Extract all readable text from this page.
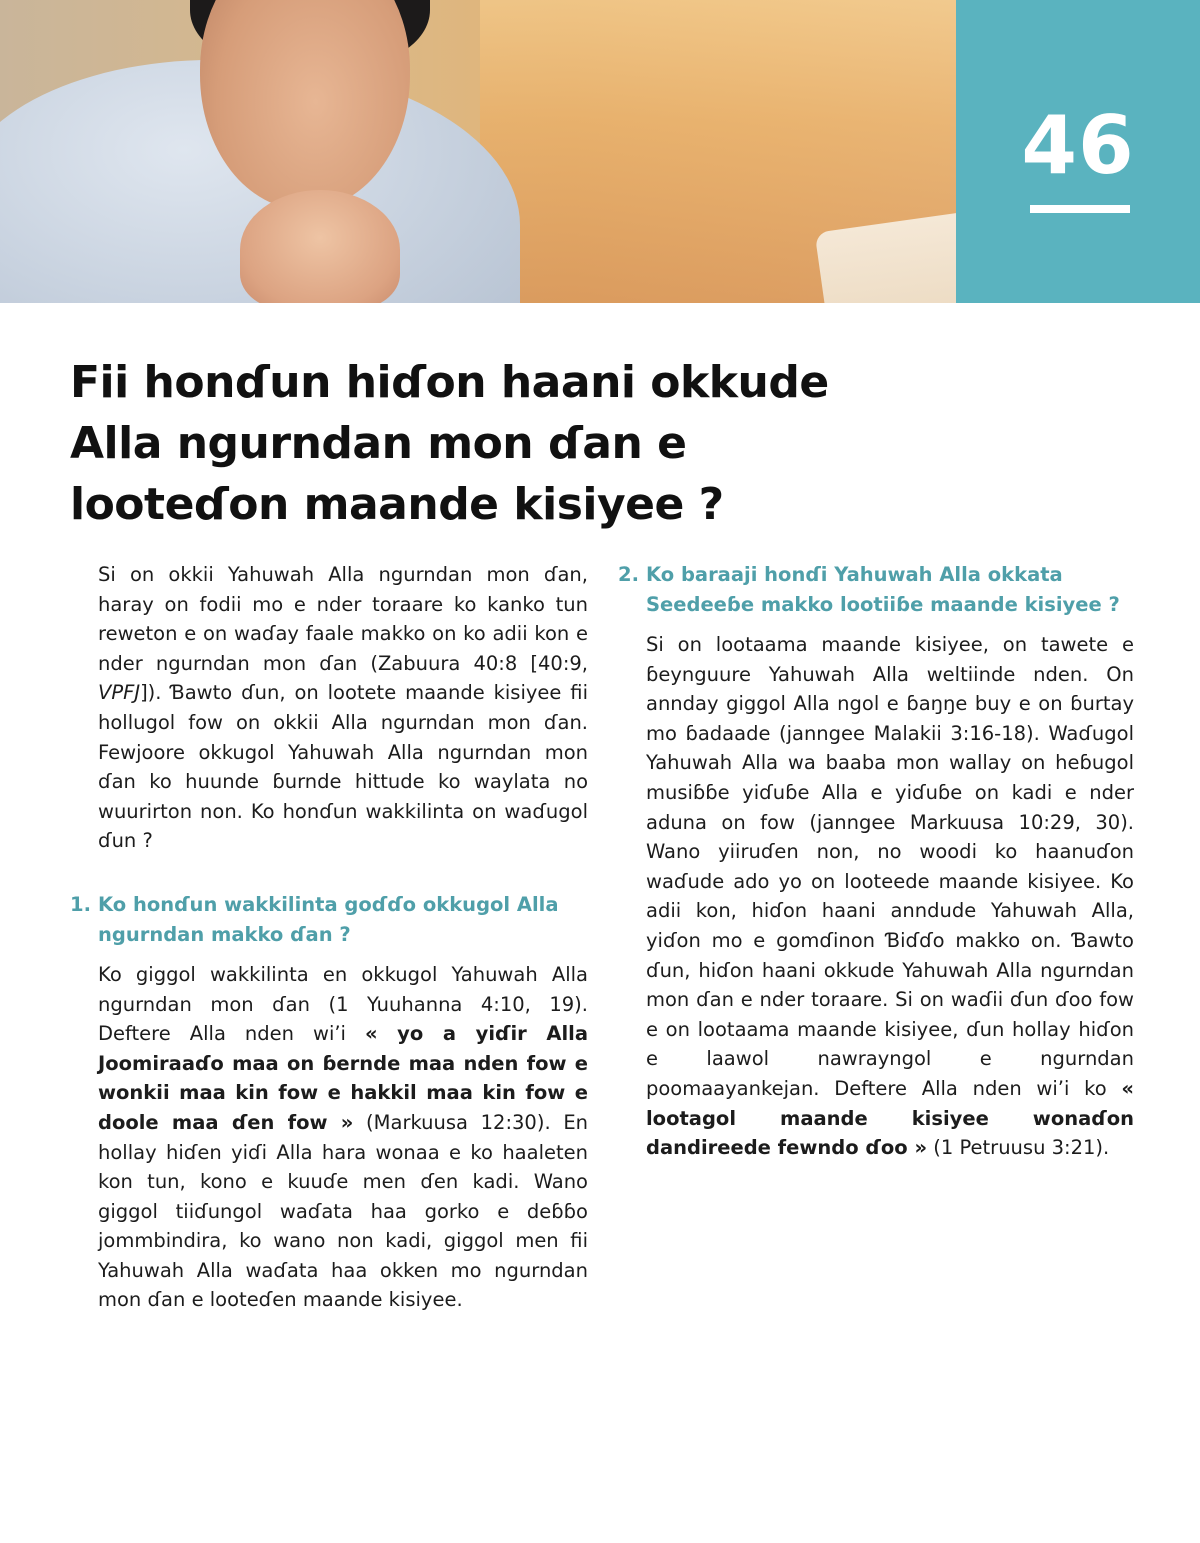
46
Fii honɗun hiɗon haani okkude
Alla ngurndan mon ɗan e
looteɗon maande kisiyee ?

Si on okkii Yahuwah Alla ngurndan mon ɗan, haray on fodii mo e nder toraare ko kanko tun reweton e on waɗay faale makko on ko adii kon e nder ngurndan mon ɗan (Zabuura 40:8 [40:9, VPFJ]). Ɓawto ɗun, on lootete maande kisiyee fii hollugol fow on okkii Alla ngurndan mon ɗan. Fewjoore okkugol Yahuwah Alla ngurndan mon ɗan ko huunde ɓurnde hittude ko waylata no wuurirton non. Ko honɗun wakkilinta on waɗugol ɗun ?

1. Ko honɗun wakkilinta goɗɗo okkugol Alla
ngurndan makko ɗan ?

Ko giggol wakkilinta en okkugol Yahuwah Alla ngurndan mon ɗan (1 Yuuhanna 4:10, 19). Deftere Alla nden wi’i « yo a yiɗir Alla Joomiraaɗo maa on ɓernde maa nden fow e wonkii maa kin fow e hakkil maa kin fow e doole maa ɗen fow » (Markuusa 12:30). En hollay hiɗen yiɗi Alla hara wonaa e ko haaleten kon tun, kono e kuuɗe men ɗen kadi. Wano giggol tiiɗungol waɗata haa gorko e deɓɓo jommbindira, ko wano non kadi, giggol men fii Yahuwah Alla waɗata haa okken mo ngurndan mon ɗan e looteɗen maande kisiyee.

2. Ko baraaji honɗi Yahuwah Alla okkata
Seedeeɓe makko lootiiɓe maande kisiyee ?

Si on lootaama maande kisiyee, on tawete e ɓeynguure Yahuwah Alla weltiinde nden. On annday giggol Alla ngol e ɓaŋŋe buy e on ɓurtay mo ɓadaade (janngee Malakii 3:16-18). Waɗugol Yahuwah Alla wa baaba mon wallay on heɓugol musiɓɓe yiɗuɓe Alla e yiɗuɓe on kadi e nder aduna on fow (janngee Markuusa 10:29, 30). Wano yiiruɗen non, no woodi ko haanuɗon waɗude ado yo on looteede maande kisiyee. Ko adii kon, hiɗon haani anndude Yahuwah Alla, yiɗon mo e gomɗinon Ɓiɗɗo makko on. Ɓawto ɗun, hiɗon haani okkude Yahuwah Alla ngurndan mon ɗan e nder toraare. Si on waɗii ɗun ɗoo fow e on lootaama maande kisiyee, ɗun hollay hiɗon e laawol nawrayngol e ngurndan poomaayankejan. Deftere Alla nden wi’i ko « lootagol maande kisiyee wonaɗon dandireede fewndo ɗoo » (1 Petruusu 3:21).
